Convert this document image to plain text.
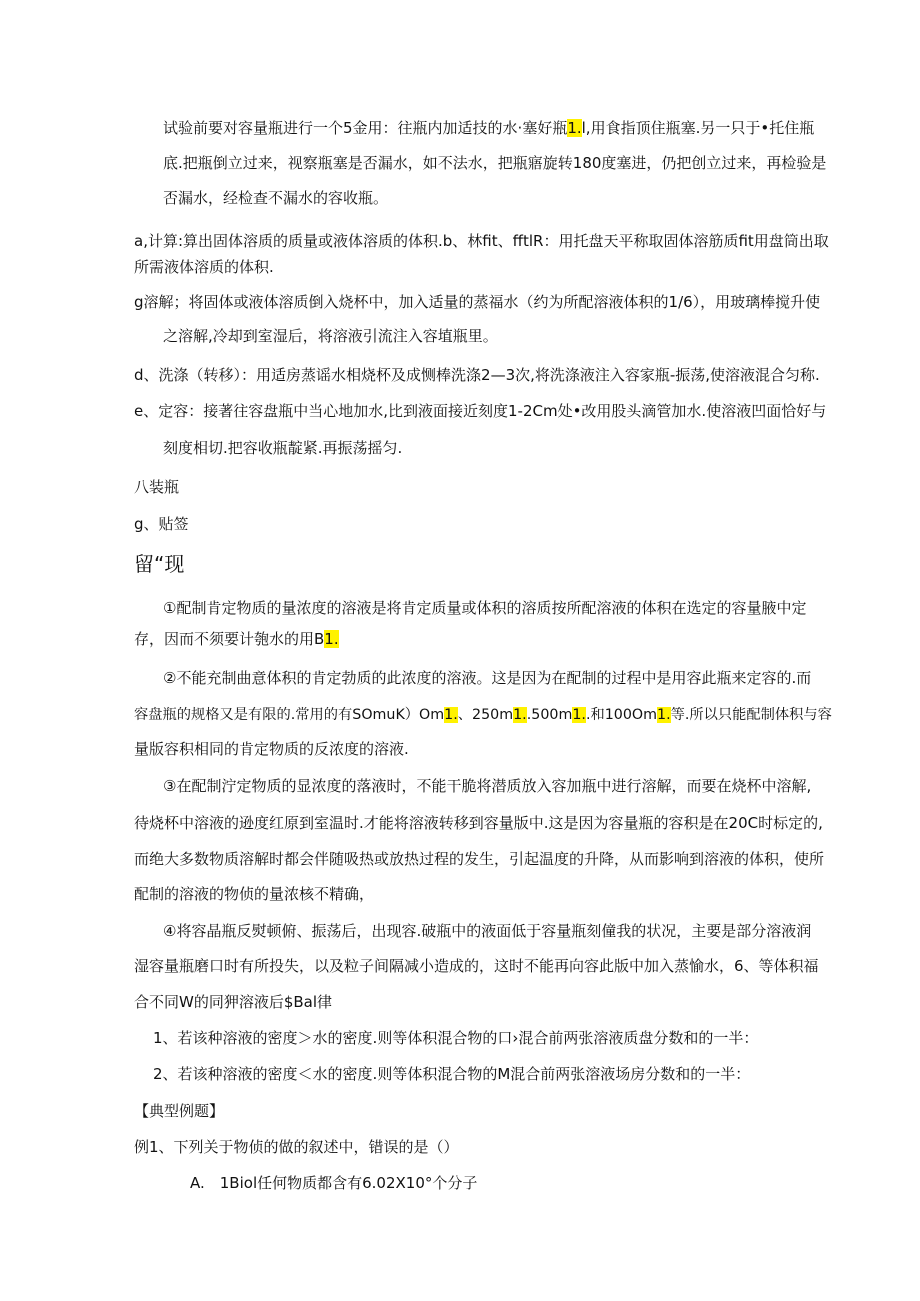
试验前要对容量瓶进行一个5金用：往瓶内加适技的水·塞好瓶1.l,用食指顶住瓶塞.另一只于•托住瓶

底.把瓶倒立过来，视察瓶塞是否漏水，如不法水，把瓶寤旋转180度塞进，仍把创立过来，再检验是

否漏水，经检查不漏水的容收瓶。

a,计算:算出固体溶质的质量或液体溶质的体积.b、林fit、fftlR：用托盘天平称取固体溶筋质fit用盘筒出取

所需液体溶质的体积.

g溶解；将固体或液体溶质倒入烧杯中，加入适量的蒸福水（约为所配溶液体积的1/6），用玻璃棒搅升使

之溶解,冷却到室湿后，将溶液引流注入容埴瓶里。

d、洗涤（转移）：用适房蒸谣水相烧杯及成恻棒洗涤2—3次,将洗涤液注入容家瓶-振荡,使溶液混合匀称.

e、定容：接著往容盘瓶中当心地加水,比到液面接近刻度1-2Cm处•改用股头滴管加水.使溶液凹面恰好与

刻度相切.把容收瓶靛紧.再振荡摇匀.

八装瓶

g、贴签

留“现

①配制肯定物质的量浓度的溶液是将肯定质量或体积的溶质按所配溶液的体积在选定的容量腋中定

存，因而不须要计匏水的用B1.

②不能充制曲意体积的肯定勃质的此浓度的溶液。这是因为在配制的过程中是用容此瓶来定容的.而

容盘瓶的规格又是有限的.常用的有SOmuK）Om1.、250m1..500m1..和100Om1.等.所以只能配制体积与容

量版容积相同的肯定物质的反浓度的溶液.

③在配制泞定物质的显浓度的落液时，不能干脆将潜质放入容加瓶中进行溶解，而要在烧杯中溶解,

待烧杯中溶液的逊度红原到室温时.才能将溶液转移到容量版中.这是因为容量瓶的容积是在20C时标定的,

而绝大多数物质溶解时都会伴随吸热或放热过程的发生，引起温度的升降，从而影响到溶液的体积，使所

配制的溶液的物侦的量浓核不精确，

④将容晶瓶反熨顿俯、振荡后，出现容.破瓶中的液面低于容量瓶刻僮我的状况，主要是部分溶液润

湿容量瓶磨口时有所投失，以及粒子间隔减小造成的，这时不能再向容此版中加入蒸愉水，6、等体积福

合不同W的同狎溶液后$Bal律

1、若该种溶液的密度＞水的密度.则等体积混合物的口›混合前两张溶液质盘分数和的一半：

2、若该种溶液的密度＜水的密度.则等体积混合物的M混合前两张溶液场房分数和的一半：

【典型例题】

例1、下列关于物侦的做的叙述中，错误的是（）

A.　1Biol任何物质都含有6.02X10°个分子
